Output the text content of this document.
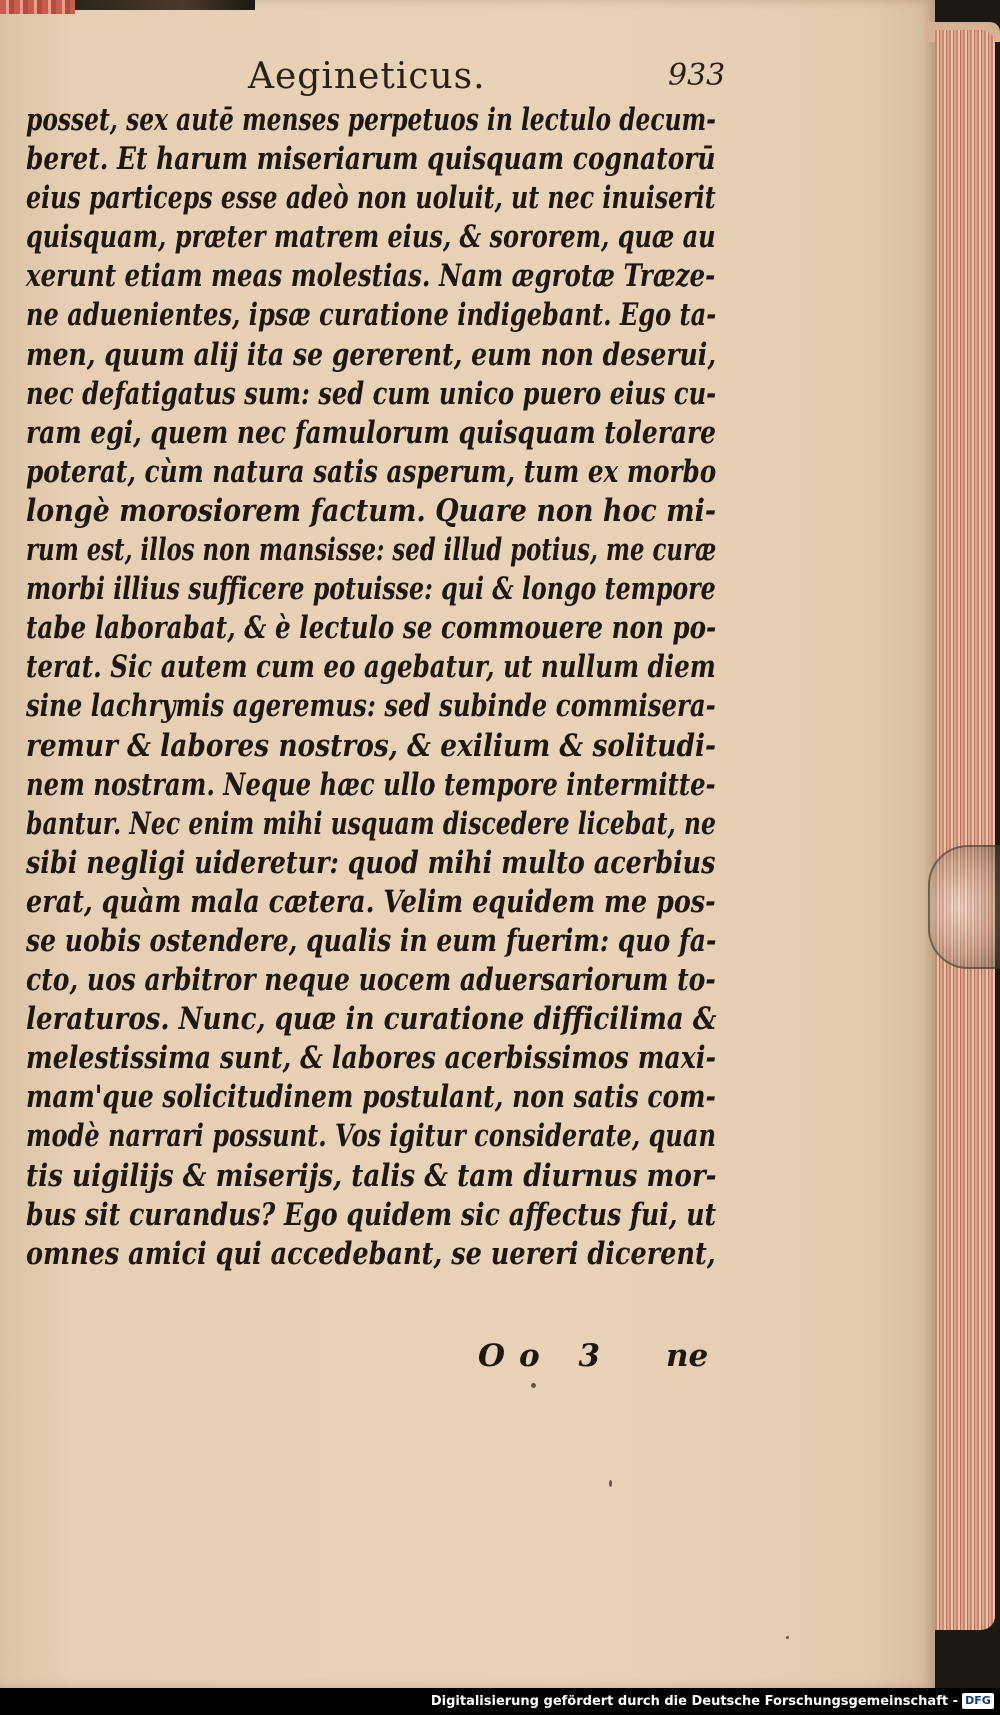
Aegineticus.	933
posset, sex autē menses perpetuos in lectulo decum-
beret. Et harum miseriarum quisquam cognatorū
eius particeps esse adeò non uoluit, ut nec inuiserit
quisquam, præter matrem eius, & sororem, quæ au
xerunt etiam meas molestias. Nam ægrotæ Træze-
ne aduenientes, ipsæ curatione indigebant. Ego ta-
men, quum alij ita se gererent, eum non deserui,
nec defatigatus sum: sed cum unico puero eius cu-
ram egi, quem nec famulorum quisquam tolerare
poterat, cùm natura satis asperum, tum ex morbo
longè morosiorem factum. Quare non hoc mi-
rum est, illos non mansisse: sed illud potius, me curæ
morbi illius sufficere potuisse: qui & longo tempore
tabe laborabat, & è lectulo se commouere non po-
terat. Sic autem cum eo agebatur, ut nullum diem
sine lachrymis ageremus: sed subinde commisera-
remur & labores nostros, & exilium & solitudi-
nem nostram. Neque hæc ullo tempore intermitte-
bantur. Nec enim mihi usquam discedere licebat, ne
sibi negligi uideretur: quod mihi multo acerbius
erat, quàm mala cætera. Velim equidem me pos-
se uobis ostendere, qualis in eum fuerim: quo fa-
cto, uos arbitror neque uocem aduersariorum to-
leraturos. Nunc, quæ in curatione difficilima &
melestissima sunt, & labores acerbissimos maxi-
mam'que solicitudinem postulant, non satis com-
modè narrari possunt. Vos igitur considerate, quan
tis uigilijs & miserijs, talis & tam diurnus mor-
bus sit curandus? Ego quidem sic affectus fui, ut
omnes amici qui accedebant, se uereri dicerent,
Oo 3 ne
Digitalisierung gefördert durch die Deutsche Forschungsgemeinschaft - DFG
